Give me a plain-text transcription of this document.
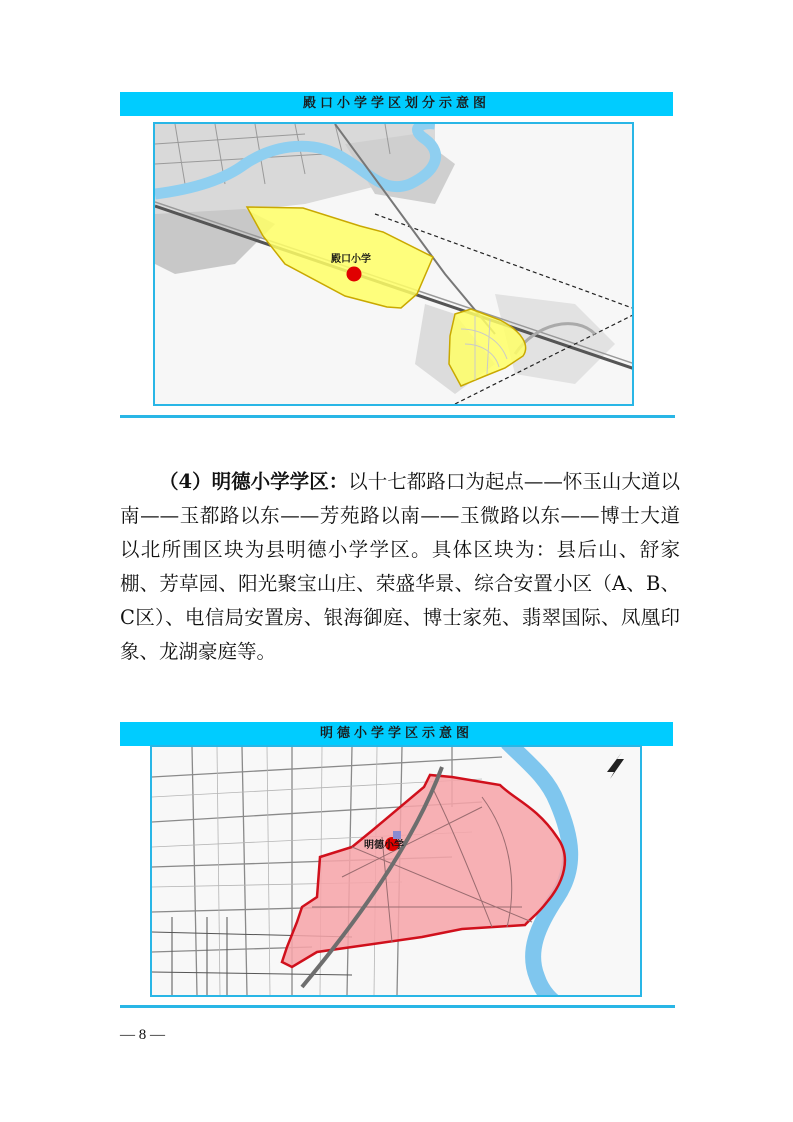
殿口小学学区划分示意图
殿口小学

（4）明德小学学区：以十七都路口为起点——怀玉山大道以南——玉都路以东——芳苑路以南——玉微路以东——博士大道以北所围区块为县明德小学学区。具体区块为：县后山、舒家棚、芳草园、阳光聚宝山庄、荣盛华景、综合安置小区（A、B、C区）、电信局安置房、银海御庭、博士家苑、翡翠国际、凤凰印象、龙湖豪庭等。

明德小学学区示意图
明德小学
— 8 —
